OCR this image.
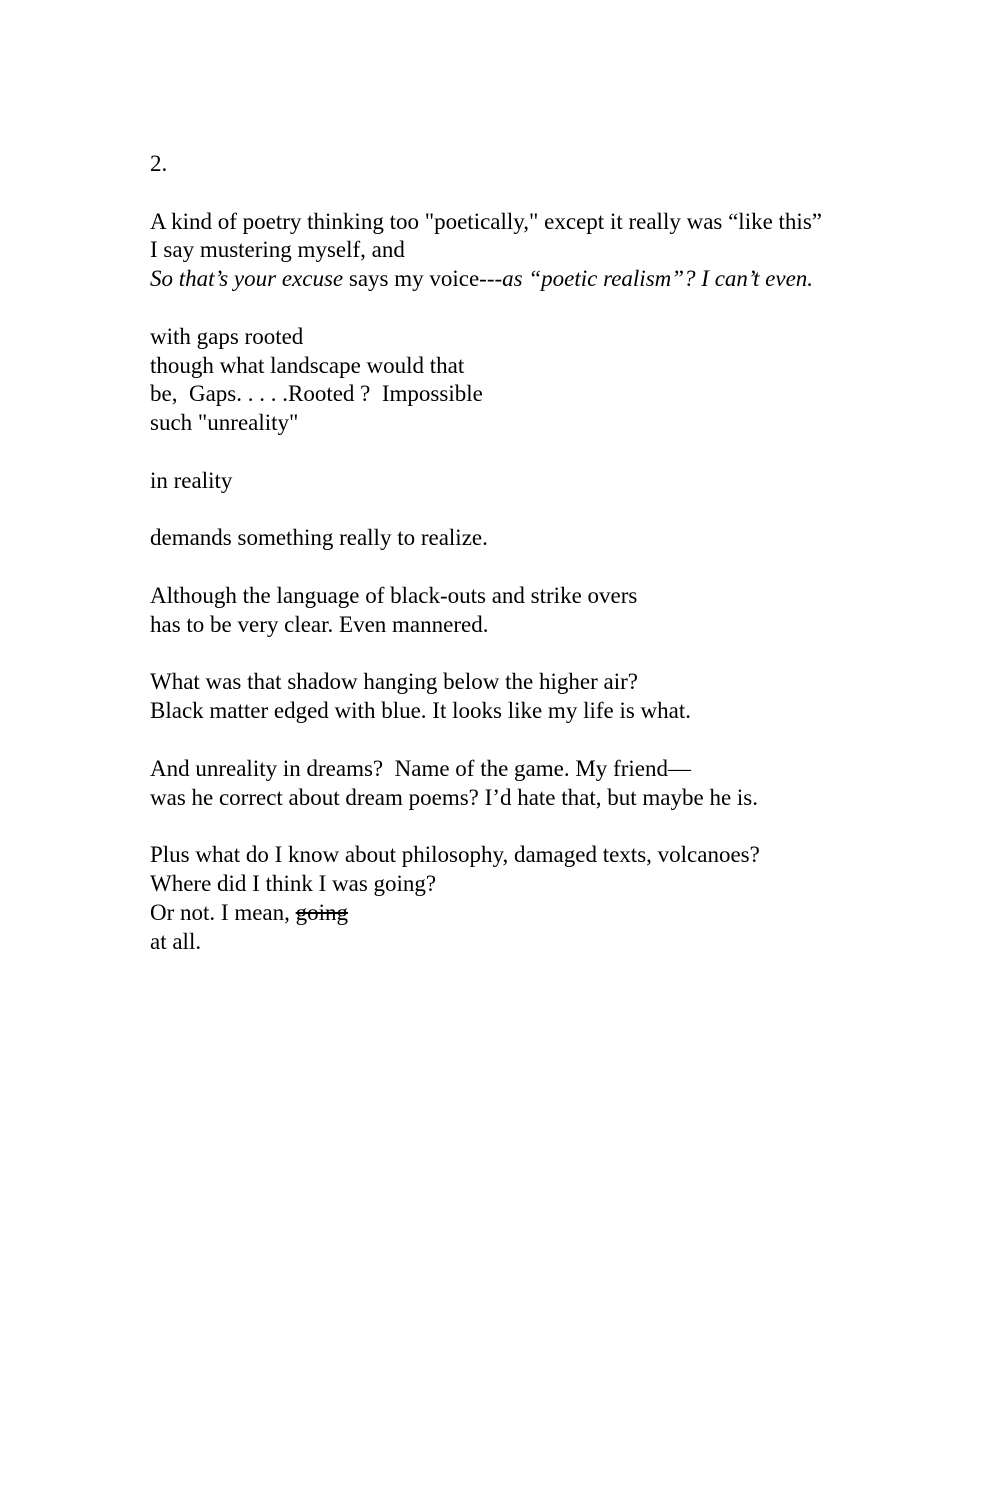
2.
A kind of poetry thinking too "poetically," except it really was “like this”
I say mustering myself, and
So that’s your excuse says my voice---as “poetic realism”? I can’t even.
with gaps rooted
though what landscape would that
be,  Gaps. . . . .Rooted ?  Impossible
such "unreality"
in reality
demands something really to realize.
Although the language of black-outs and strike overs
has to be very clear. Even mannered.
What was that shadow hanging below the higher air?
Black matter edged with blue. It looks like my life is what.
And unreality in dreams?  Name of the game. My friend—
was he correct about dream poems? I’d hate that, but maybe he is.
Plus what do I know about philosophy, damaged texts, volcanoes?
Where did I think I was going?
Or not. I mean, going
at all.
